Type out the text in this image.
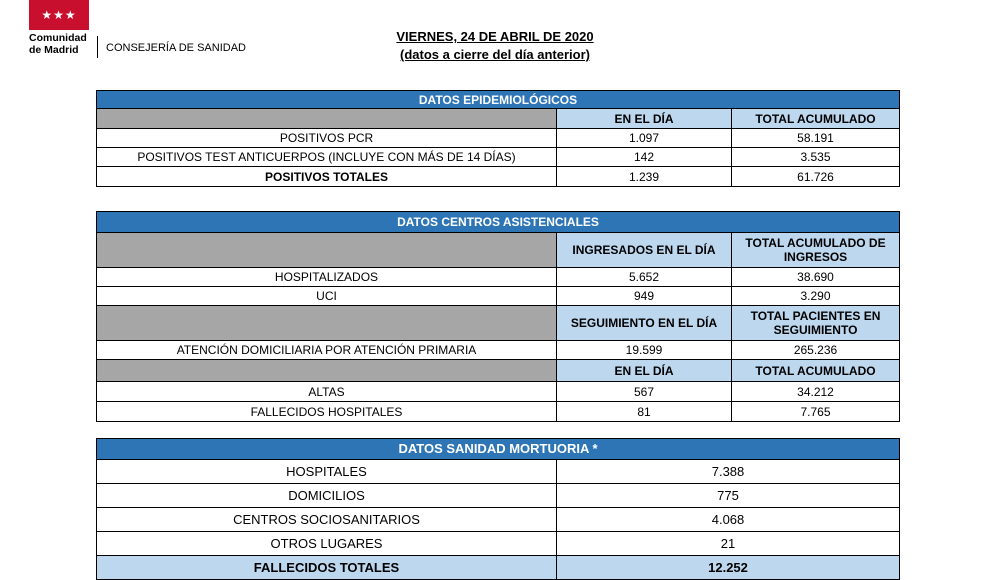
★★★
Comunidad
de Madrid	CONSEJERÍA DE SANIDAD
VIERNES, 24 DE ABRIL DE 2020
(datos a cierre del día anterior)
DATOS EPIDEMIOLÓGICOS		
	EN EL DÍA	TOTAL ACUMULADO
POSITIVOS PCR	1.097	58.191
POSITIVOS TEST ANTICUERPOS (INCLUYE CON MÁS DE 14 DÍAS)	142	3.535
POSITIVOS TOTALES	1.239	61.726
DATOS CENTROS ASISTENCIALES		
	INGRESADOS EN EL DÍA	TOTAL ACUMULADO DE INGRESOS
HOSPITALIZADOS	5.652	38.690
UCI	949	3.290
	SEGUIMIENTO EN EL DÍA	TOTAL PACIENTES EN SEGUIMIENTO
ATENCIÓN DOMICILIARIA POR ATENCIÓN PRIMARIA	19.599	265.236
	EN EL DÍA	TOTAL ACUMULADO
ALTAS	567	34.212
FALLECIDOS HOSPITALES	81	7.765
DATOS SANIDAD MORTUORIA *	
HOSPITALES	7.388
DOMICILIOS	775
CENTROS SOCIOSANITARIOS	4.068
OTROS LUGARES	21
FALLECIDOS TOTALES	12.252
